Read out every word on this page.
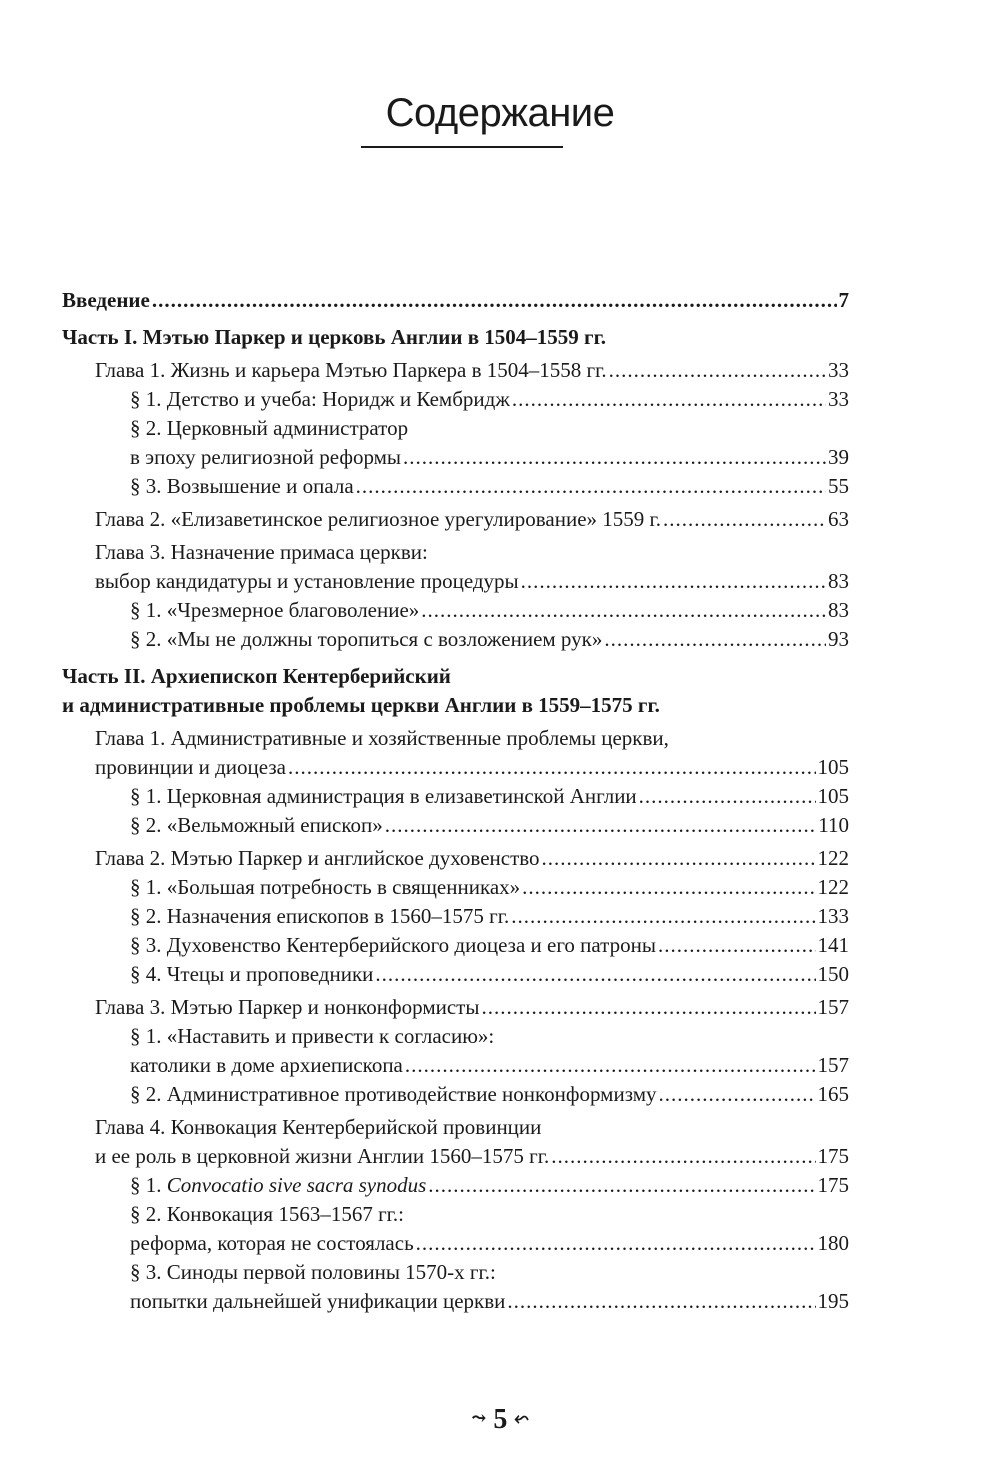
Содержание
Введение .....	7
Часть I. Мэтью Паркер и церковь Англии в 1504–1559 гг.
Глава 1. Жизнь и карьера Мэтью Паркера в 1504–1558 гг. .....	33
§ 1. Детство и учеба: Норидж и Кембридж .....	33
§ 2. Церковный администратор
в эпоху религиозной реформы .....	39
§ 3. Возвышение и опала .....	55
Глава 2. «Елизаветинское религиозное урегулирование» 1559 г. .....	63
Глава 3. Назначение примаса церкви:
выбор кандидатуры и установление процедуры .....	83
§ 1. «Чрезмерное благоволение» .....	83
§ 2. «Мы не должны торопиться с возложением рук» .....	93
Часть II. Архиепископ Кентерберийский
и административные проблемы церкви Англии в 1559–1575 гг.
Глава 1. Административные и хозяйственные проблемы церкви,
провинции и диоцеза .....	105
§ 1. Церковная администрация в елизаветинской Англии .....	105
§ 2. «Вельможный епископ» .....	110
Глава 2. Мэтью Паркер и английское духовенство .....	122
§ 1. «Большая потребность в священниках» .....	122
§ 2. Назначения епископов в 1560–1575 гг. .....	133
§ 3. Духовенство Кентерберийского диоцеза и его патроны .....	141
§ 4. Чтецы и проповедники .....	150
Глава 3. Мэтью Паркер и нонконформисты .....	157
§ 1. «Наставить и привести к согласию»:
католики в доме архиепископа .....	157
§ 2. Административное противодействие нонконформизму .....	165
Глава 4. Конвокация Кентерберийской провинции
и ее роль в церковной жизни Англии 1560–1575 гг. .....	175
§ 1. Convocatio sive sacra synodus .....	175
§ 2. Конвокация 1563–1567 гг.:
реформа, которая не состоялась .....	180
§ 3. Синоды первой половины 1570-х гг.:
попытки дальнейшей унификации церкви .....	195
⤳ 5 ⬿
